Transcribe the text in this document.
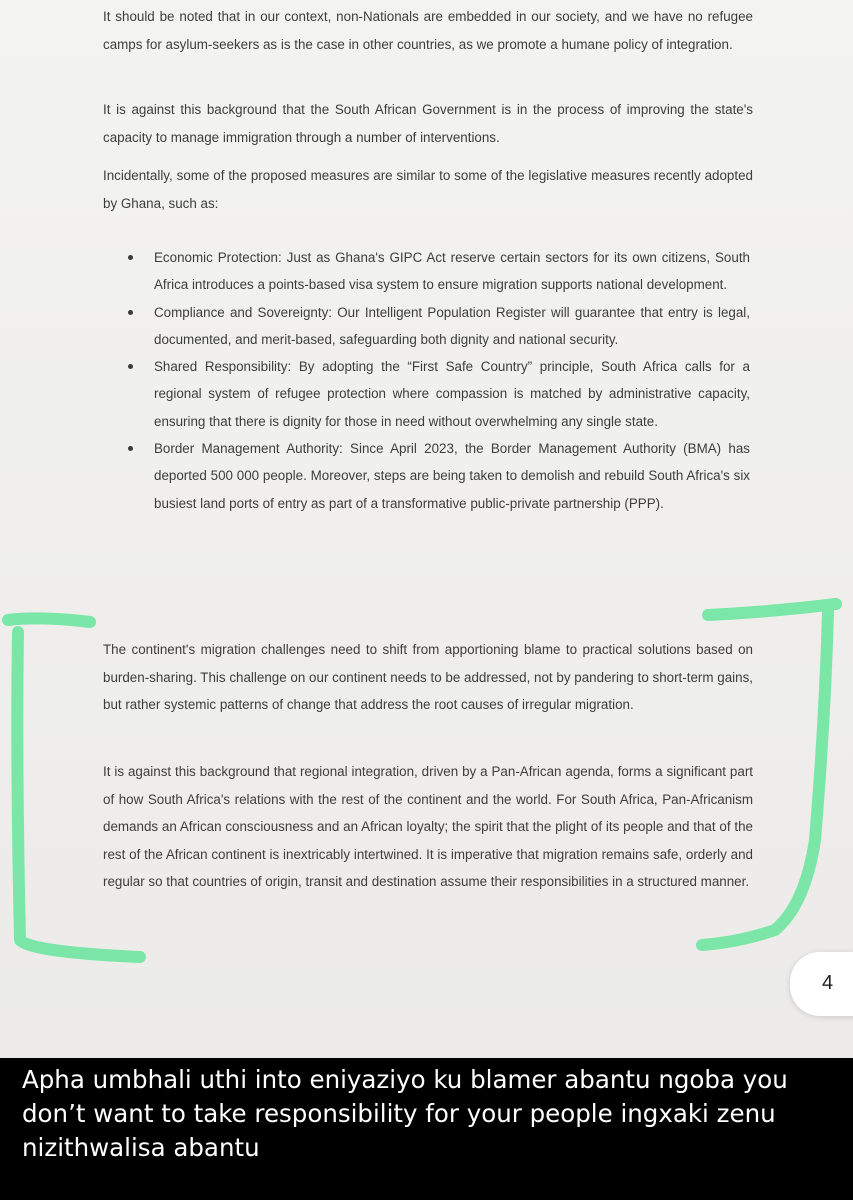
It should be noted that in our context, non-Nationals are embedded in our society, and we have no refugee camps for asylum-seekers as is the case in other countries, as we promote a humane policy of integration.

It is against this background that the South African Government is in the process of improving the state's capacity to manage immigration through a number of interventions.

Incidentally, some of the proposed measures are similar to some of the legislative measures recently adopted by Ghana, such as:

Economic Protection: Just as Ghana's GIPC Act reserve certain sectors for its own citizens, South Africa introduces a points-based visa system to ensure migration supports national development.
Compliance and Sovereignty: Our Intelligent Population Register will guarantee that entry is legal, documented, and merit-based, safeguarding both dignity and national security.
Shared Responsibility: By adopting the “First Safe Country” principle, South Africa calls for a regional system of refugee protection where compassion is matched by administrative capacity, ensuring that there is dignity for those in need without overwhelming any single state.
Border Management Authority: Since April 2023, the Border Management Authority (BMA) has deported 500 000 people. Moreover, steps are being taken to demolish and rebuild South Africa's six busiest land ports of entry as part of a transformative public-private partnership (PPP).

The continent's migration challenges need to shift from apportioning blame to practical solutions based on burden-sharing. This challenge on our continent needs to be addressed, not by pandering to short-term gains, but rather systemic patterns of change that address the root causes of irregular migration.

It is against this background that regional integration, driven by a Pan-African agenda, forms a significant part of how South Africa's relations with the rest of the continent and the world. For South Africa, Pan-Africanism demands an African consciousness and an African loyalty; the spirit that the plight of its people and that of the rest of the African continent is inextricably intertwined. It is imperative that migration remains safe, orderly and regular so that countries of origin, transit and destination assume their responsibilities in a structured manner.

4

Apha umbhali uthi into eniyaziyo ku blamer abantu ngoba you don’t want to take responsibility for your people ingxaki zenu nizithwalisa abantu
